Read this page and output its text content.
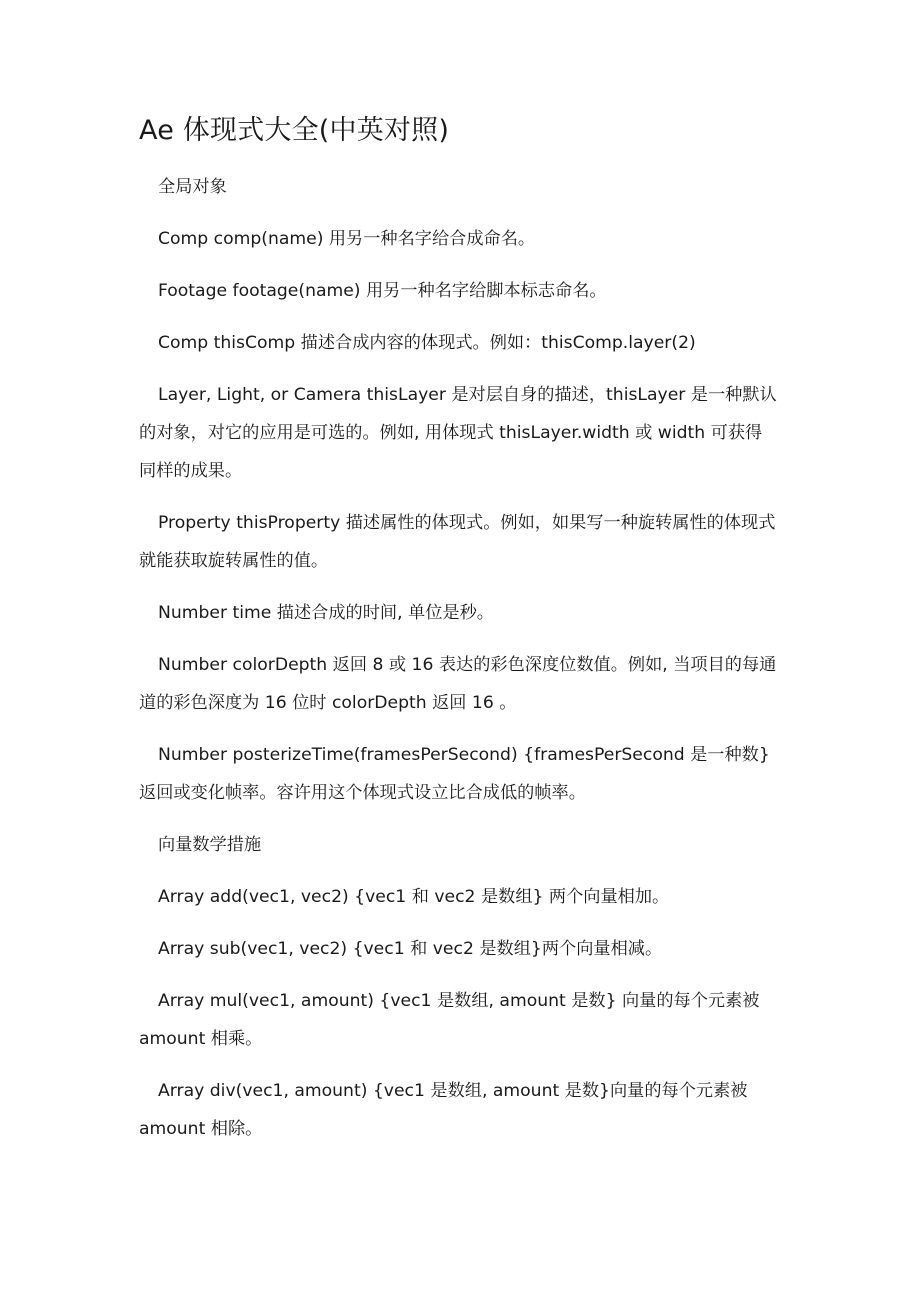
Ae 体现式大全(中英对照)

全局对象

Comp comp(name) 用另一种名字给合成命名。

Footage footage(name) 用另一种名字给脚本标志命名。

Comp thisComp 描述合成内容的体现式。例如：thisComp.layer(2)

Layer, Light, or Camera thisLayer 是对层自身的描述，thisLayer 是一种默认的对象，对它的应用是可选的。例如, 用体现式 thisLayer.width 或 width 可获得同样的成果。

Property thisProperty 描述属性的体现式。例如，如果写一种旋转属性的体现式就能获取旋转属性的值。

Number time 描述合成的时间, 单位是秒。

Number colorDepth 返回 8 或 16 表达的彩色深度位数值。例如, 当项目的每通道的彩色深度为 16 位时 colorDepth 返回 16 。

Number posterizeTime(framesPerSecond) {framesPerSecond 是一种数}返回或变化帧率。容许用这个体现式设立比合成低的帧率。

向量数学措施

Array add(vec1, vec2) {vec1 和 vec2 是数组} 两个向量相加。

Array sub(vec1, vec2) {vec1 和 vec2 是数组}两个向量相减。

Array mul(vec1, amount) {vec1 是数组, amount 是数} 向量的每个元素被 amount 相乘。

Array div(vec1, amount) {vec1 是数组, amount 是数}向量的每个元素被 amount 相除。
